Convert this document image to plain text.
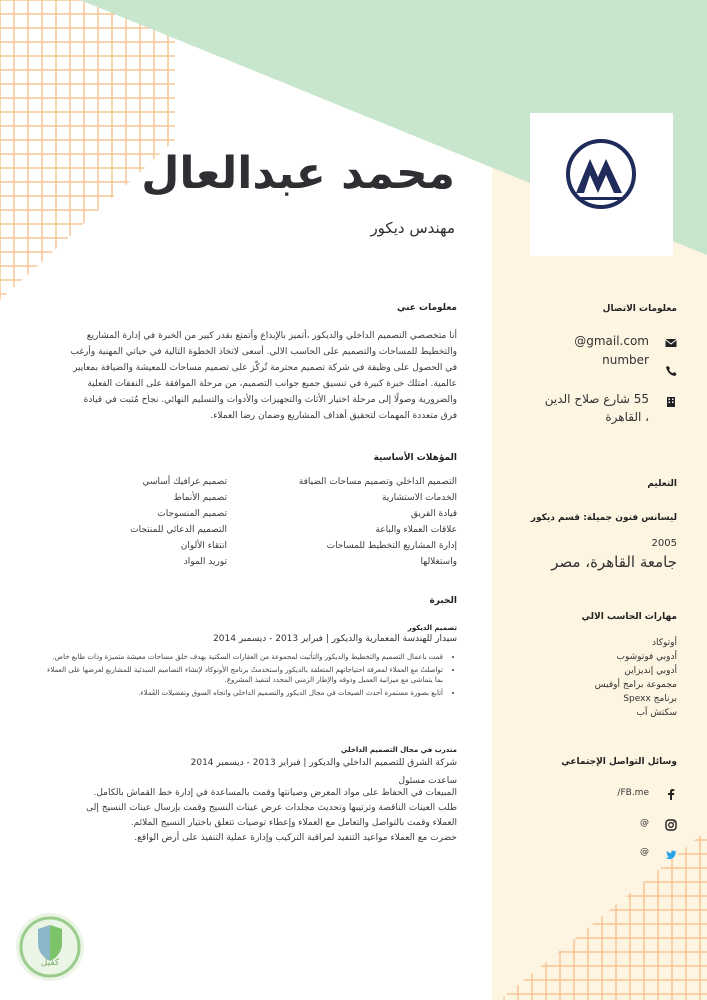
محمد عبدالعال
مهندس ديكور
معلومات عني
أنا متخصصي التصميم الداخلي والديكور ،أتميز بالإبداع وأتمتع بقدر كبير من الخبرة في إدارة المشاريع
والتخطيط للمساحات والتصميم على الحاسب الالي. أسعى لاتخاذ الخطوة التالية في حياتي المهنية وأرغب
في الحصول على وظيفة في شركة تصميم محترمة تُركّز على تصميم مساحات للمعيشة والضيافة بمعايير
عالمية. امتلك خبرة كبيرة في تنسيق جميع جوانب التصميم، من مرحلة الموافقة على النفقات الفعلية
والضرورية وصولًا إلى مرحلة اختيار الأثاث والتجهيزات والأدوات والتسليم النهائي. نجاح مُثبت في قيادة
فرق متعددة المهمات لتحقيق أهداف المشاريع وضمان رضا العملاء.
المؤهلات الأساسية
التصميم الداخلي وتصميم مساحات الضيافة
الخدمات الاستشارية
قيادة الفريق
علاقات العملاء والباعة
إدارة المشاريع التخطيط للمساحات
واستغلالها
تصميم غرافيك أساسي
تصميم الأنماط
تصميم المنسوجات
التصميم الدعائي للمنتجات
انتقاء الألوان
توريد المواد
الخبرة
تصميم الديكور
سيدار للهندسة المعمارية والديكور | فبراير 2013 - ديسمبر 2014
• قمت باعمال التصميم والتخطيط والديكور والتأثيث لمجموعة من العقارات السكنية بهدف خلق مساحات معيشة متميزة وذات طابع خاص.
• تواصلتُ مع العملاء لمعرفة احتياجاتهم المتعلقة بالديكور واستخدمتُ برنامج الأوتوكاد لإنشاء التصاميم المبدئية للمشاريع لعرضها على العملاء بما يتماشى مع ميزانية العميل وذوقه والإطار الزمني المحدد لتنفيذ المشروع.
• أتابع بصورة مستمرة أحدث الصيحات في مجال الديكور والتصميم الداخلي واتجاه السوق وتفضيلات العُملاء.
متدرب في مجال التصميم الداخلي
شركة الشرق للتصميم الداخلي والديكور | فبراير 2013 - ديسمبر 2014
ساعدت مسئول
المبيعات في الحفاظ على مواد المعرض وصيانتها وقمت بالمساعدة في إدارة خط القماش بالكامل.
طلب العينات الناقصة وترتيبها وتحديث مجلدات عرض عينات النسيج وقمت بإرسال عينات النسيج إلى
العملاء وقمت بالتواصل والتعامل مع العملاء وإعطاء توصيات تتعلق باختيار النسيج الملائم.
حضرت مع العملاء مواعيد التنفيذ لمراقبة التركيب وإدارة عملية التنفيذ على أرض الواقع.
معلومات الاتصال
gmail.com@
number
55 شارع صلاح الدين
، القاهرة
التعليم
ليسانس فنون جميلة: قسم ديكور
2005
جامعة القاهرة، مصر
مهارات الحاسب الالي
أوتوكاد
أدوبي فوتوشوب
أدوبي إنديزاين
مجموعة برامج أوفيس
برنامج Spexx
سكتش آب
وسائل التواصل الإجتماعي
FB.me/
@
@
كفيل
